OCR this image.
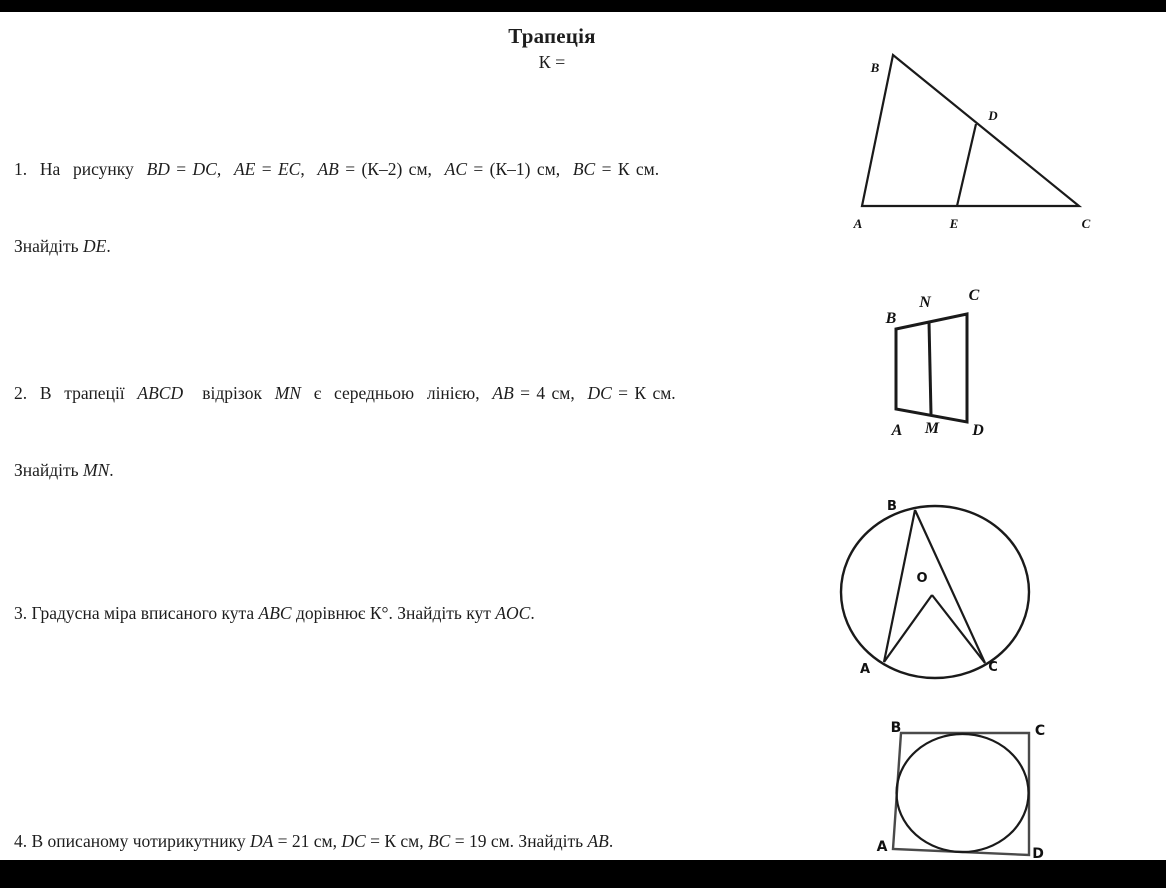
Трапеція
К =

1.  На  рисунку  BD = DC,  AE = EC,  AB = (К–2) см,  AC = (К–1) см,  BC = К см.

Знайдіть DE.

2.  В  трапеції  ABCD   відрізок  MN  є  середньою  лінією,  AB = 4 см,  DC = К см.

Знайдіть MN.

3. Градусна міра вписаного кута ABC дорівнює К°. Знайдіть кут AOC.

4. В описаному чотирикутнику DA = 21 см, DC = К см, BC = 19 см. Знайдіть AB.

B
A	E	C
D
B
N C
A M D
B
O
A	C
B	C
A	D
